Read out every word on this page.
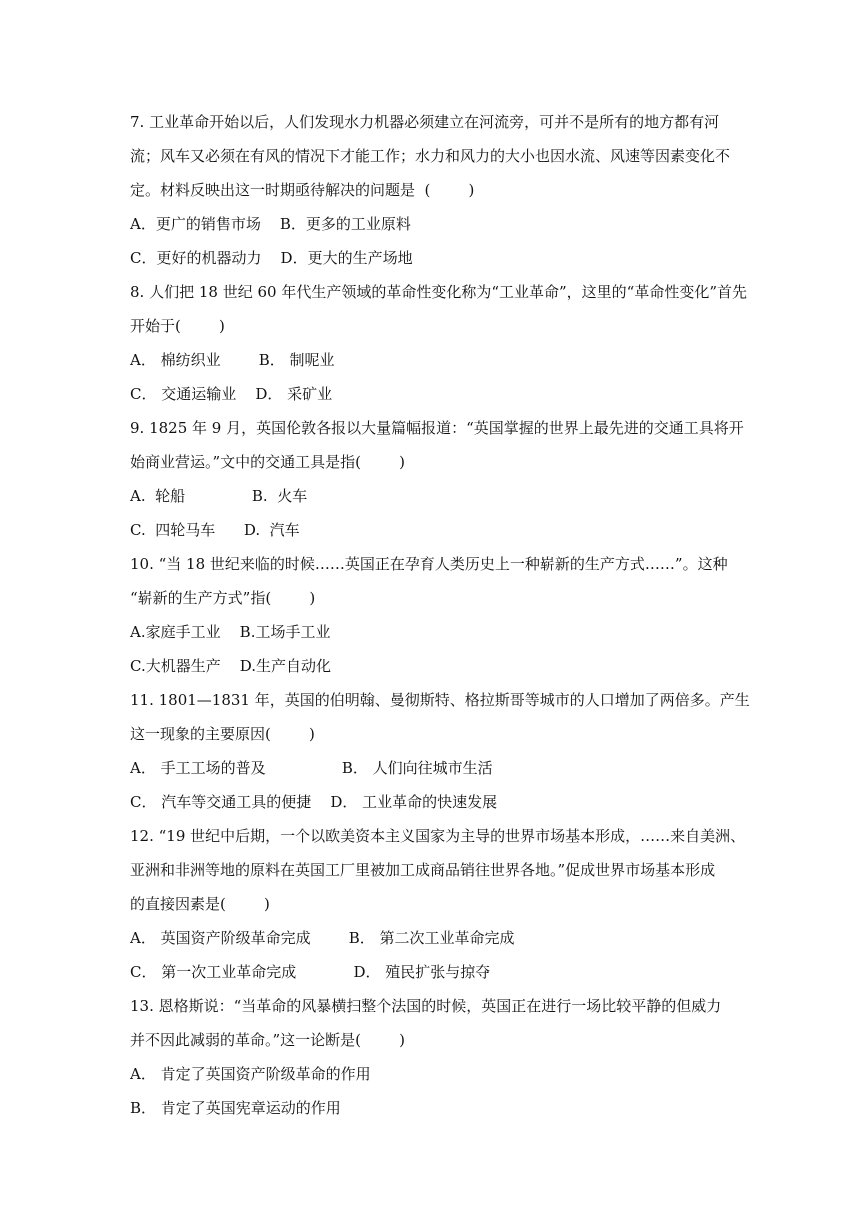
7. 工业革命开始以后，人们发现水力机器必须建立在河流旁，可并不是所有的地方都有河
流；风车又必须在有风的情况下才能工作；水力和风力的大小也因水流、风速等因素变化不
定。材料反映出这一时期亟待解决的问题是  (        )
A．更广的销售市场    B．更多的工业原料
C．更好的机器动力    D．更大的生产场地
8. 人们把 18 世纪 60 年代生产领域的革命性变化称为“工业革命”，这里的“革命性变化”首先
开始于(        )
A． 棉纺织业        B． 制呢业
C． 交通运输业    D． 采矿业
9. 1825 年 9 月，英国伦敦各报以大量篇幅报道：“英国掌握的世界上最先进的交通工具将开
始商业营运。”文中的交通工具是指(        )
A.  轮船              B.  火车
C.  四轮马车      D.  汽车
10. “当 18 世纪来临的时候……英国正在孕育人类历史上一种崭新的生产方式……”。这种
“崭新的生产方式”指(        )
A.家庭手工业    B.工场手工业
C.大机器生产    D.生产自动化
11. 1801—1831 年，英国的伯明翰、曼彻斯特、格拉斯哥等城市的人口增加了两倍多。产生
这一现象的主要原因(        )
A． 手工工场的普及                B． 人们向往城市生活
C． 汽车等交通工具的便捷    D． 工业革命的快速发展
12. “19 世纪中后期，一个以欧美资本主义国家为主导的世界市场基本形成，……来自美洲、
亚洲和非洲等地的原料在英国工厂里被加工成商品销往世界各地。”促成世界市场基本形成
的直接因素是(        )
A． 英国资产阶级革命完成        B． 第二次工业革命完成
C． 第一次工业革命完成            D． 殖民扩张与掠夺
13. 恩格斯说：“当革命的风暴横扫整个法国的时候，英国正在进行一场比较平静的但威力
并不因此减弱的革命。”这一论断是(        )
A． 肯定了英国资产阶级革命的作用
B． 肯定了英国宪章运动的作用
